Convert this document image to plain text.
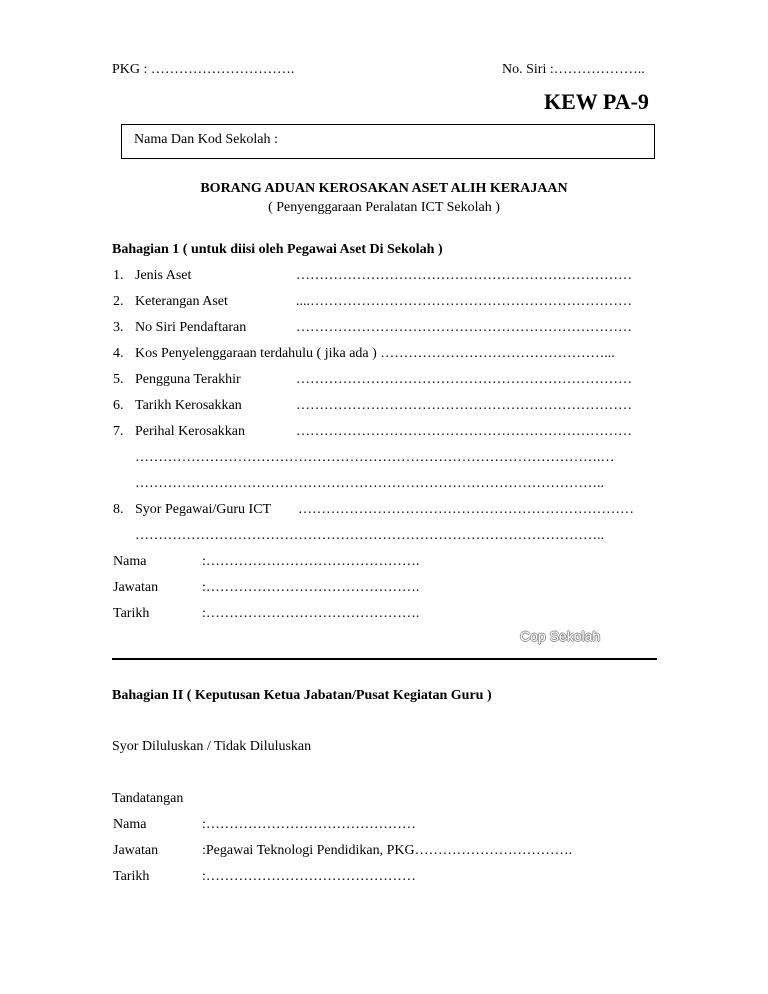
PKG : ………………………….	No. Siri :………………..
KEW PA-9
Nama Dan Kod Sekolah :
BORANG ADUAN KEROSAKAN ASET ALIH KERAJAAN
( Penyenggaraan Peralatan ICT Sekolah )
Bahagian 1 ( untuk diisi oleh Pegawai Aset Di Sekolah )
1. Jenis Aset	………………………………………………………………
2. Keterangan Aset	....……………………………………………………………
3. No Siri Pendaftaran	………………………………………………………………
4. Kos Penyelenggaraan terdahulu ( jika ada ) …………………………………………...
5. Pengguna Terakhir	………………………………………………………………
6. Tarikh Kerosakkan	………………………………………………………………
7. Perihal Kerosakkan	………………………………………………………………
……………………………………………………………………………………….…
………………………………………………………………………………………..
8. Syor Pegawai/Guru ICT ………………………………………………………………
………………………………………………………………………………………..
Nama	:……………………………………….
Jawatan	:……………………………………….
Tarikh	:……………………………………….
Cop Sekolah
Bahagian II ( Keputusan Ketua Jabatan/Pusat Kegiatan Guru )
Syor Diluluskan / Tidak Diluluskan
Tandatangan
Nama	:………………………………………
Jawatan	:Pegawai Teknologi Pendidikan, PKG…………………………….
Tarikh	:………………………………………
